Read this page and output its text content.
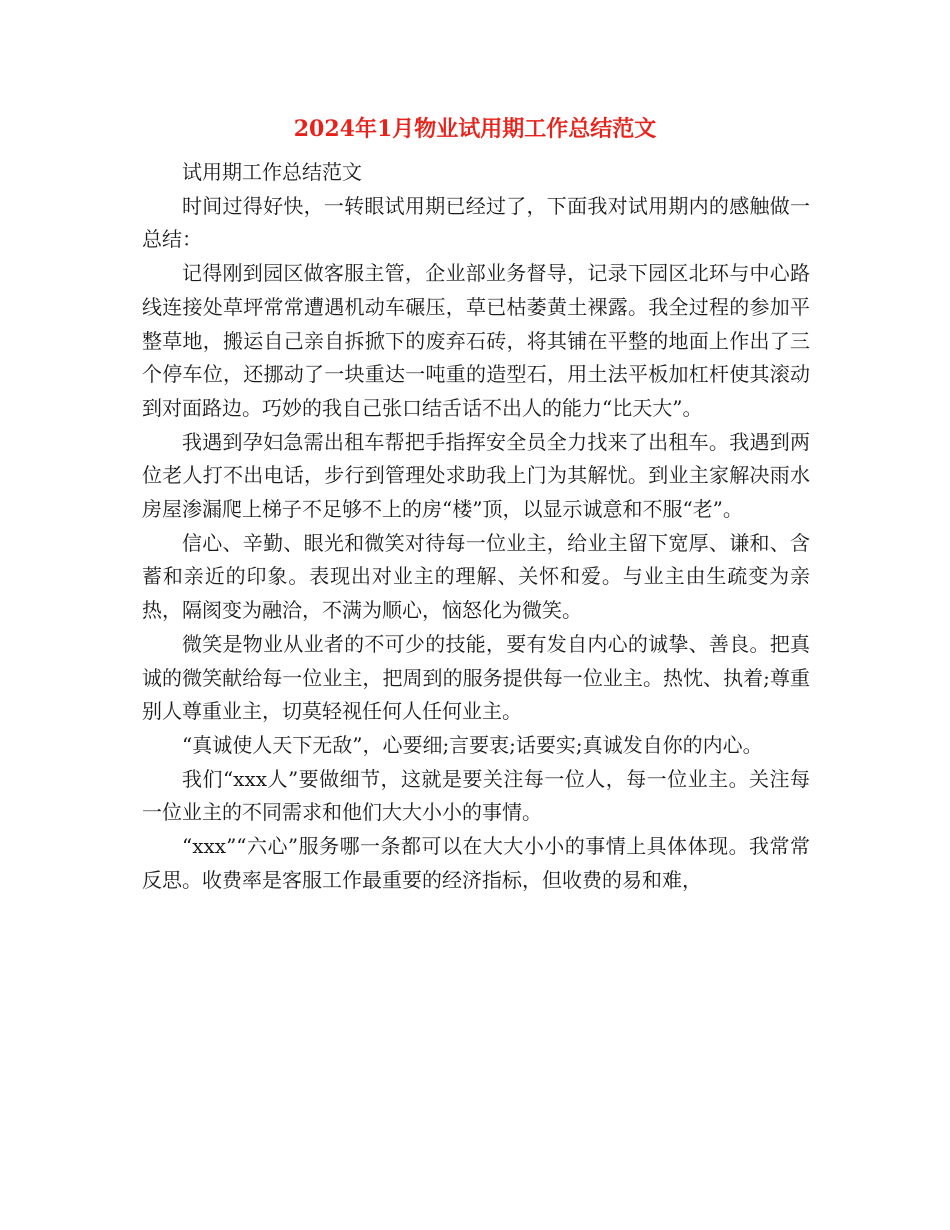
2024年1月物业试用期工作总结范文

试用期工作总结范文

时间过得好快，一转眼试用期已经过了，下面我对试用期内的感触做一总结：

记得刚到园区做客服主管，企业部业务督导，记录下园区北环与中心路线连接处草坪常常遭遇机动车碾压，草已枯萎黄土裸露。我全过程的参加平整草地，搬运自己亲自拆掀下的废弃石砖，将其铺在平整的地面上作出了三个停车位，还挪动了一块重达一吨重的造型石，用土法平板加杠杆使其滚动到对面路边。巧妙的我自己张口结舌话不出人的能力“比天大”。

我遇到孕妇急需出租车帮把手指挥安全员全力找来了出租车。我遇到两位老人打不出电话，步行到管理处求助我上门为其解忧。到业主家解决雨水房屋渗漏爬上梯子不足够不上的房“楼”顶，以显示诚意和不服“老”。

信心、辛勤、眼光和微笑对待每一位业主，给业主留下宽厚、谦和、含蓄和亲近的印象。表现出对业主的理解、关怀和爱。与业主由生疏变为亲热，隔阂变为融洽，不满为顺心，恼怒化为微笑。

微笑是物业从业者的不可少的技能，要有发自内心的诚挚、善良。把真诚的微笑献给每一位业主，把周到的服务提供每一位业主。热忱、执着;尊重别人尊重业主，切莫轻视任何人任何业主。

“真诚使人天下无敌”，心要细;言要衷;话要实;真诚发自你的内心。

我们“xxx人”要做细节，这就是要关注每一位人，每一位业主。关注每一位业主的不同需求和他们大大小小的事情。

“xxx”“六心”服务哪一条都可以在大大小小的事情上具体体现。我常常反思。收费率是客服工作最重要的经济指标，但收费的易和难，
